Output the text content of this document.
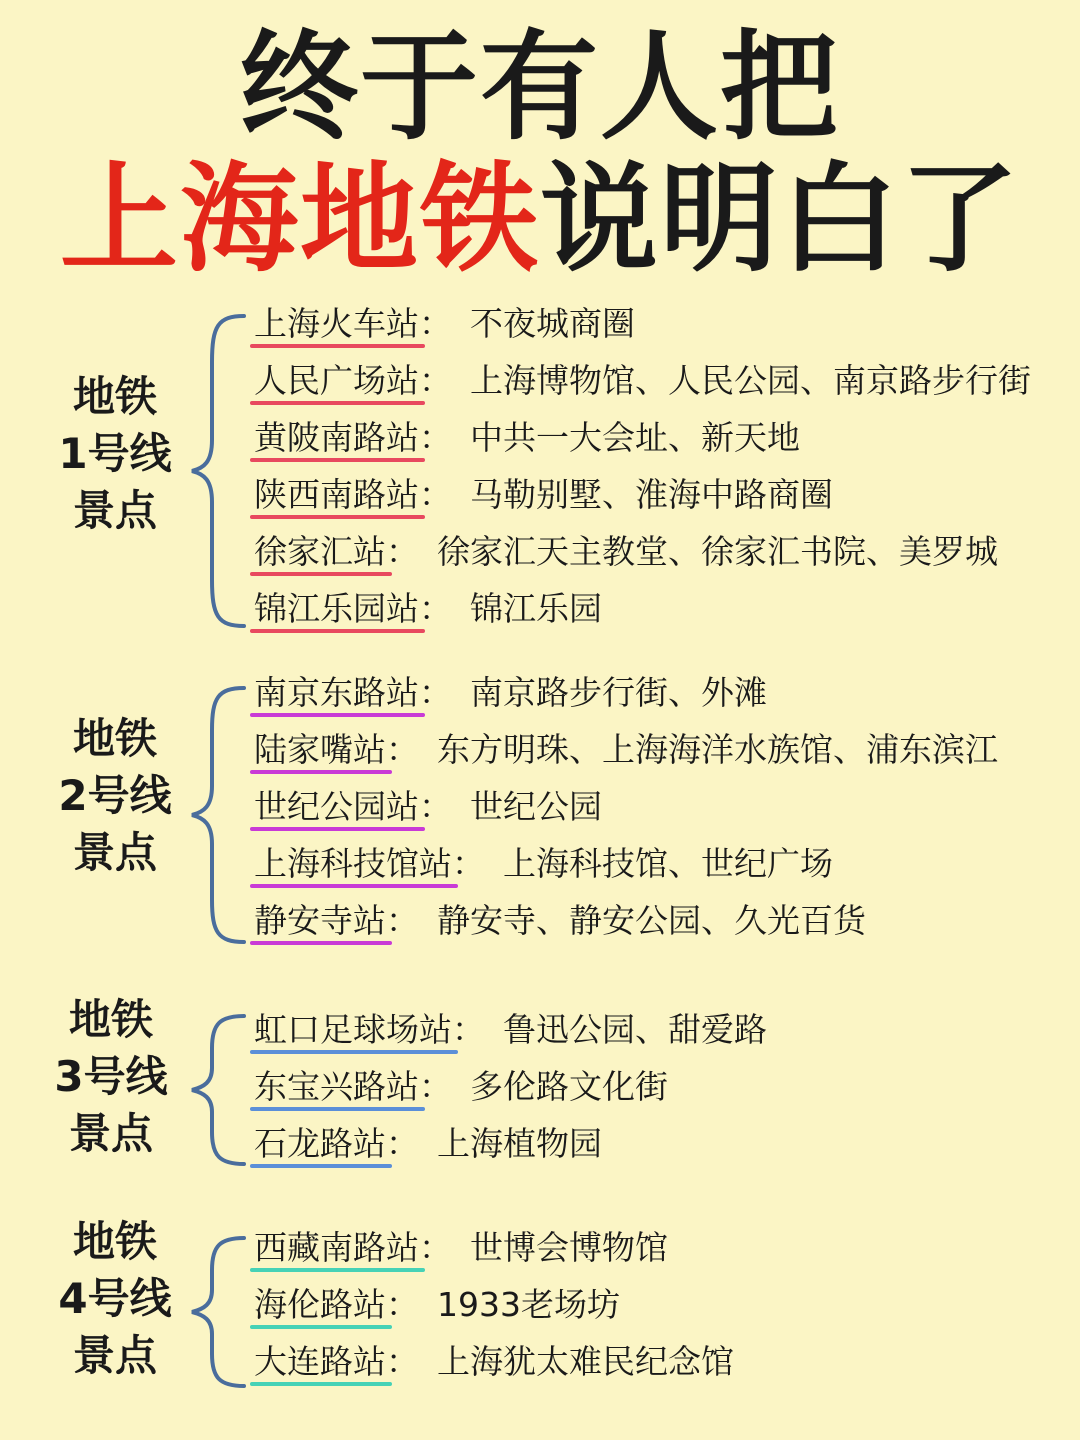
终于有人把
上海地铁说明白了
地铁
1号线
景点
上海火车站： 不夜城商圈
人民广场站： 上海博物馆、人民公园、南京路步行街
黄陂南路站： 中共一大会址、新天地
陕西南路站： 马勒别墅、淮海中路商圈
徐家汇站： 徐家汇天主教堂、徐家汇书院、美罗城
锦江乐园站： 锦江乐园
地铁
2号线
景点
南京东路站： 南京路步行街、外滩
陆家嘴站： 东方明珠、上海海洋水族馆、浦东滨江
世纪公园站： 世纪公园
上海科技馆站： 上海科技馆、世纪广场
静安寺站： 静安寺、静安公园、久光百货
地铁
3号线
景点
虹口足球场站： 鲁迅公园、甜爱路
东宝兴路站： 多伦路文化街
石龙路站： 上海植物园
地铁
4号线
景点
西藏南路站： 世博会博物馆
海伦路站： 1933老场坊
大连路站： 上海犹太难民纪念馆
